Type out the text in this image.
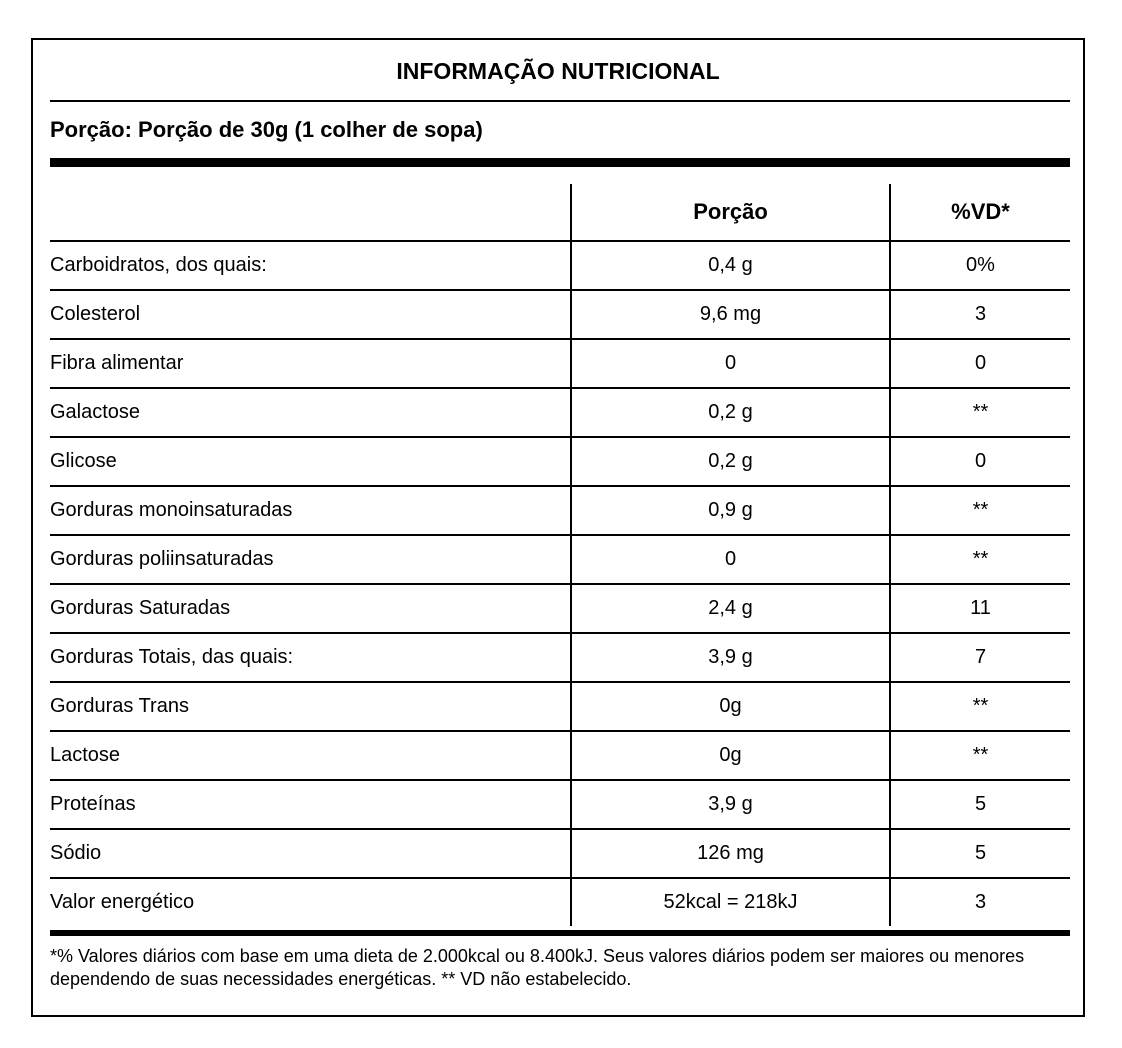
INFORMAÇÃO NUTRICIONAL
Porção: Porção de 30g (1 colher de sopa)
	Porção	%VD*
Carboidratos, dos quais:	0,4 g	0%
Colesterol	9,6 mg	3
Fibra alimentar	0	0
Galactose	0,2 g	**
Glicose	0,2 g	0
Gorduras monoinsaturadas	0,9 g	**
Gorduras poliinsaturadas	0	**
Gorduras Saturadas	2,4 g	11
Gorduras Totais, das quais:	3,9 g	7
Gorduras Trans	0g	**
Lactose	0g	**
Proteínas	3,9 g	5
Sódio	126 mg	5
Valor energético	52kcal = 218kJ	3
*% Valores diários com base em uma dieta de 2.000kcal ou 8.400kJ. Seus valores diários podem ser maiores ou menores dependendo de suas necessidades energéticas. ** VD não estabelecido.
